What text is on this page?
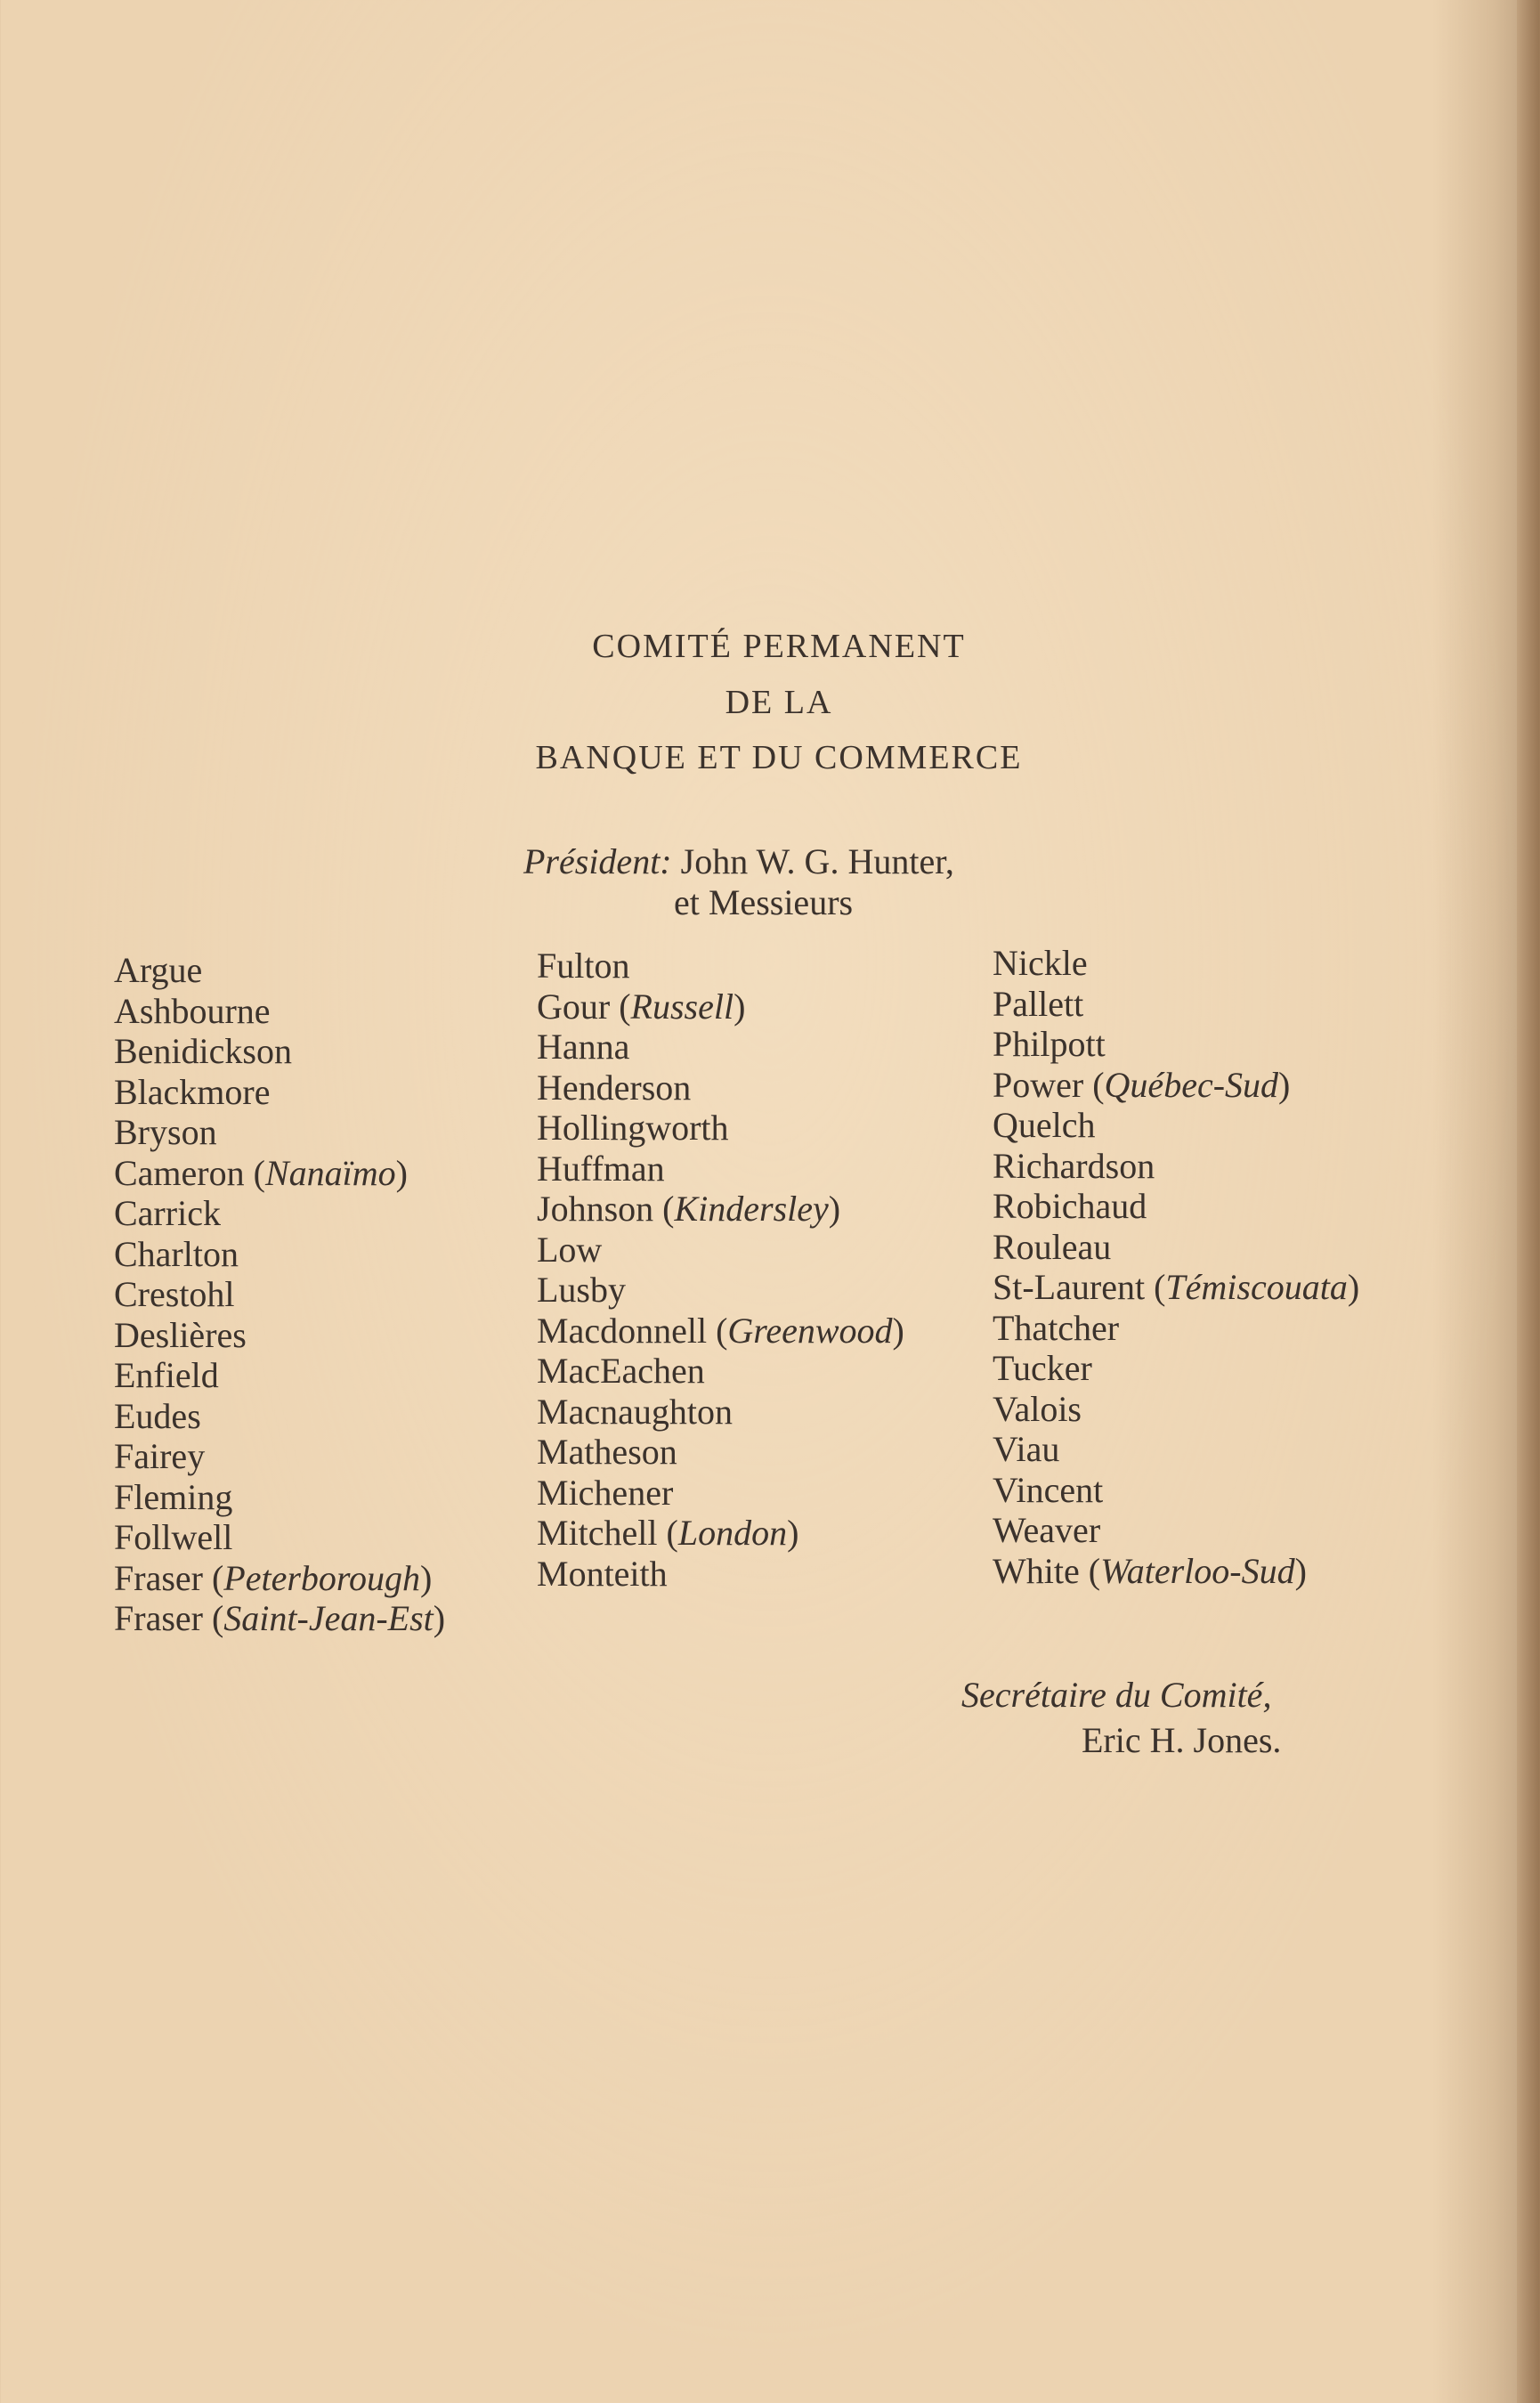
COMITÉ PERMANENT
DE LA
BANQUE ET DU COMMERCE
Président: John W. G. Hunter,
et Messieurs
Argue
Ashbourne
Benidickson
Blackmore
Bryson
Cameron (Nanaïmo)
Carrick
Charlton
Crestohl
Deslières
Enfield
Eudes
Fairey
Fleming
Follwell
Fraser (Peterborough)
Fraser (Saint-Jean-Est)
Fulton
Gour (Russell)
Hanna
Henderson
Hollingworth
Huffman
Johnson (Kindersley)
Low
Lusby
Macdonnell (Greenwood)
MacEachen
Macnaughton
Matheson
Michener
Mitchell (London)
Monteith
Nickle
Pallett
Philpott
Power (Québec-Sud)
Quelch
Richardson
Robichaud
Rouleau
St-Laurent (Témiscouata)
Thatcher
Tucker
Valois
Viau
Vincent
Weaver
White (Waterloo-Sud)
Secrétaire du Comité,
Eric H. Jones.
